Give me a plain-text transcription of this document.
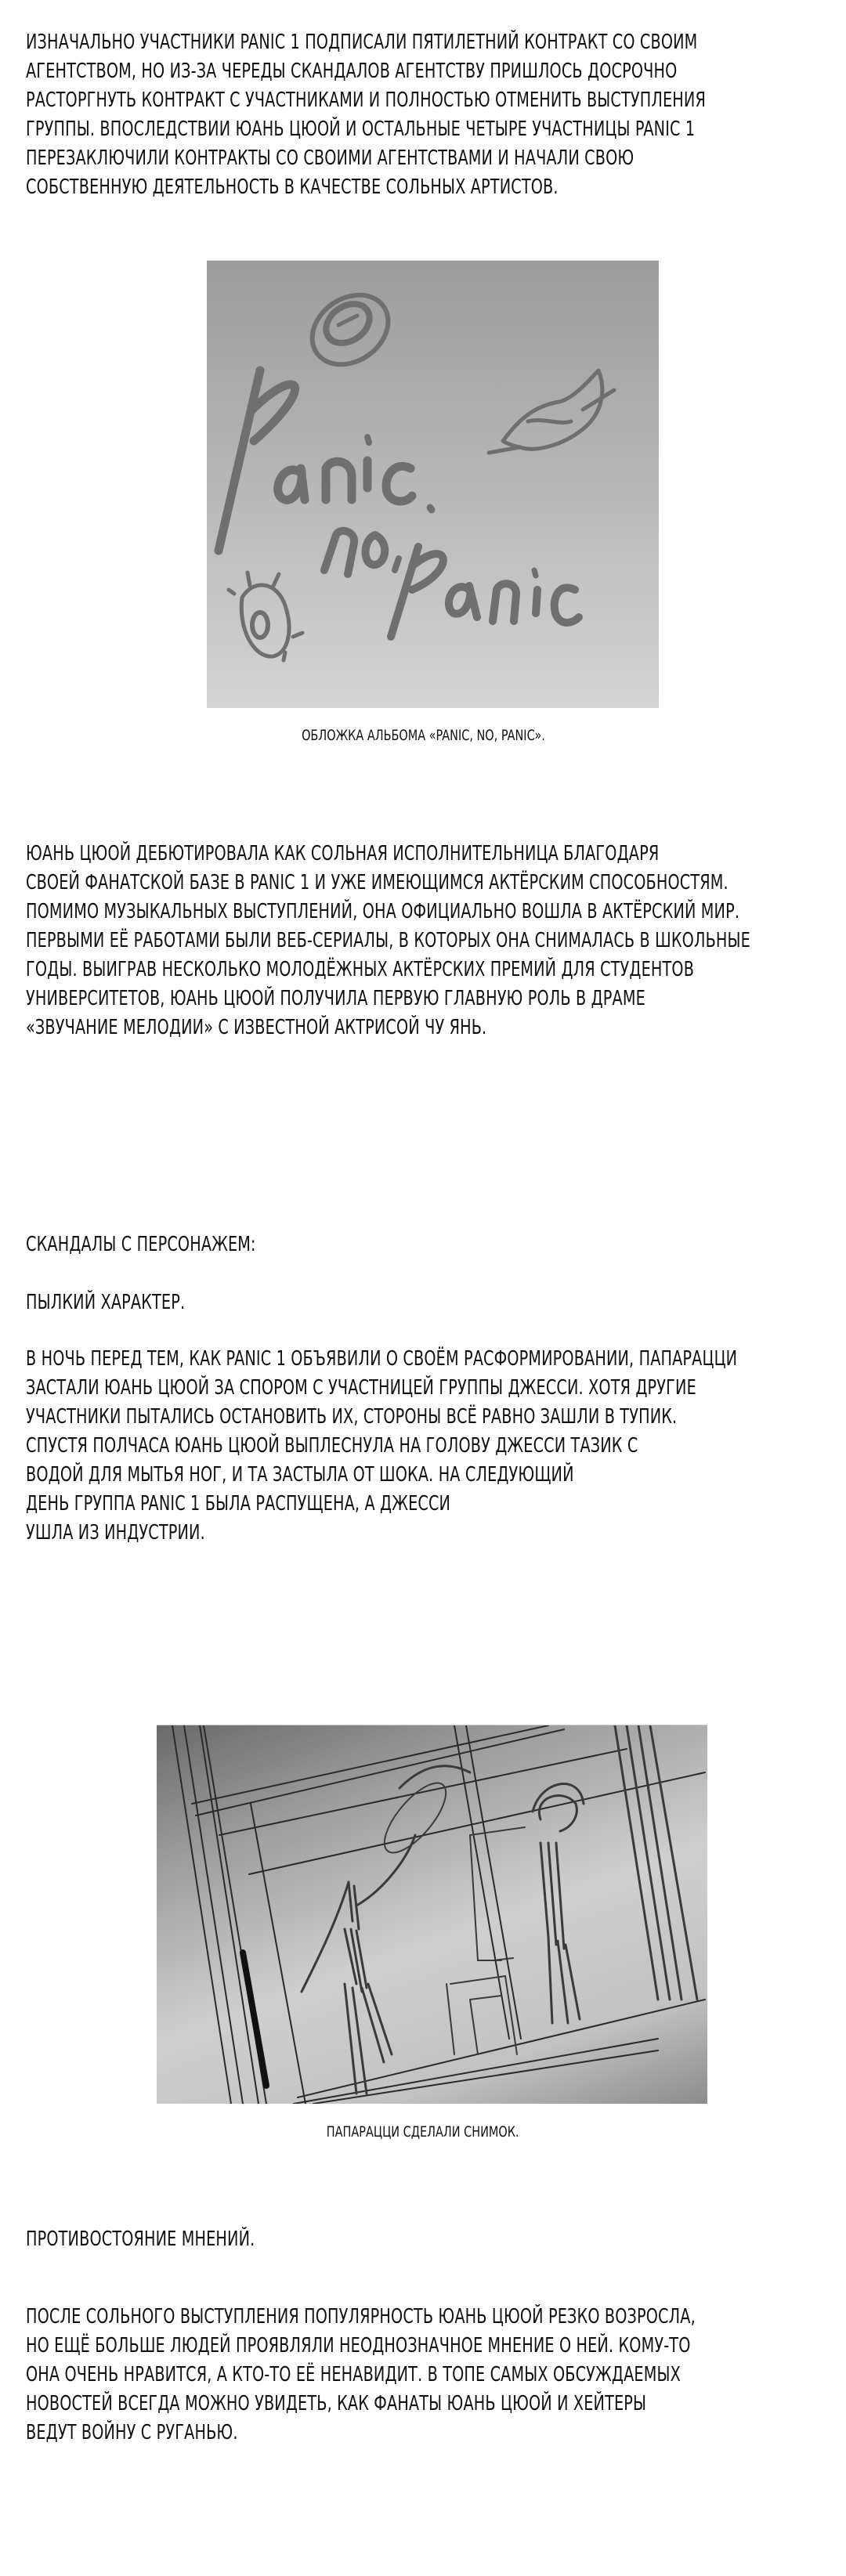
ИЗНАЧАЛЬНО УЧАСТНИКИ PANIC 1 ПОДПИСАЛИ ПЯТИЛЕТНИЙ КОНТРАКТ СО СВОИМ
АГЕНТСТВОМ, НО ИЗ-ЗА ЧЕРЕДЫ СКАНДАЛОВ АГЕНТСТВУ ПРИШЛОСЬ ДОСРОЧНО
РАСТОРГНУТЬ КОНТРАКТ С УЧАСТНИКАМИ И ПОЛНОСТЬЮ ОТМЕНИТЬ ВЫСТУПЛЕНИЯ
ГРУППЫ. ВПОСЛЕДСТВИИ ЮАНЬ ЦЮОЙ И ОСТАЛЬНЫЕ ЧЕТЫРЕ УЧАСТНИЦЫ PANIC 1
ПЕРЕЗАКЛЮЧИЛИ КОНТРАКТЫ СО СВОИМИ АГЕНТСТВАМИ И НАЧАЛИ СВОЮ
СОБСТВЕННУЮ ДЕЯТЕЛЬНОСТЬ В КАЧЕСТВЕ СОЛЬНЫХ АРТИСТОВ.
ОБЛОЖКА АЛЬБОМА «PANIC, NO, PANIC».
ЮАНЬ ЦЮОЙ ДЕБЮТИРОВАЛА КАК СОЛЬНАЯ ИСПОЛНИТЕЛЬНИЦА БЛАГОДАРЯ
СВОЕЙ ФАНАТСКОЙ БАЗЕ В PANIC 1 И УЖЕ ИМЕЮЩИМСЯ АКТЁРСКИМ СПОСОБНОСТЯМ.
ПОМИМО МУЗЫКАЛЬНЫХ ВЫСТУПЛЕНИЙ, ОНА ОФИЦИАЛЬНО ВОШЛА В АКТЁРСКИЙ МИР.
ПЕРВЫМИ ЕЁ РАБОТАМИ БЫЛИ ВЕБ-СЕРИАЛЫ, В КОТОРЫХ ОНА СНИМАЛАСЬ В ШКОЛЬНЫЕ
ГОДЫ. ВЫИГРАВ НЕСКОЛЬКО МОЛОДЁЖНЫХ АКТЁРСКИХ ПРЕМИЙ ДЛЯ СТУДЕНТОВ
УНИВЕРСИТЕТОВ, ЮАНЬ ЦЮОЙ ПОЛУЧИЛА ПЕРВУЮ ГЛАВНУЮ РОЛЬ В ДРАМЕ
«ЗВУЧАНИЕ МЕЛОДИИ» С ИЗВЕСТНОЙ АКТРИСОЙ ЧУ ЯНЬ.
СКАНДАЛЫ С ПЕРСОНАЖЕМ:
ПЫЛКИЙ ХАРАКТЕР.
В НОЧЬ ПЕРЕД ТЕМ, КАК PANIC 1 ОБЪЯВИЛИ О СВОЁМ РАСФОРМИРОВАНИИ, ПАПАРАЦЦИ
ЗАСТАЛИ ЮАНЬ ЦЮОЙ ЗА СПОРОМ С УЧАСТНИЦЕЙ ГРУППЫ ДЖЕССИ. ХОТЯ ДРУГИЕ
УЧАСТНИКИ ПЫТАЛИСЬ ОСТАНОВИТЬ ИХ, СТОРОНЫ ВСЁ РАВНО ЗАШЛИ В ТУПИК.
СПУСТЯ ПОЛЧАСА ЮАНЬ ЦЮОЙ ВЫПЛЕСНУЛА НА ГОЛОВУ ДЖЕССИ ТАЗИК С
ВОДОЙ ДЛЯ МЫТЬЯ НОГ, И ТА ЗАСТЫЛА ОТ ШОКА. НА СЛЕДУЮЩИЙ
ДЕНЬ ГРУППА PANIC 1 БЫЛА РАСПУЩЕНА, А ДЖЕССИ
УШЛА ИЗ ИНДУСТРИИ.
ПАПАРАЦЦИ СДЕЛАЛИ СНИМОК.
ПРОТИВОСТОЯНИЕ МНЕНИЙ.
ПОСЛЕ СОЛЬНОГО ВЫСТУПЛЕНИЯ ПОПУЛЯРНОСТЬ ЮАНЬ ЦЮОЙ РЕЗКО ВОЗРОСЛА,
НО ЕЩЁ БОЛЬШЕ ЛЮДЕЙ ПРОЯВЛЯЛИ НЕОДНОЗНАЧНОЕ МНЕНИЕ О НЕЙ. КОМУ-ТО
ОНА ОЧЕНЬ НРАВИТСЯ, А КТО-ТО ЕЁ НЕНАВИДИТ. В ТОПЕ САМЫХ ОБСУЖДАЕМЫХ
НОВОСТЕЙ ВСЕГДА МОЖНО УВИДЕТЬ, КАК ФАНАТЫ ЮАНЬ ЦЮОЙ И ХЕЙТЕРЫ
ВЕДУТ ВОЙНУ С РУГАНЬЮ.
